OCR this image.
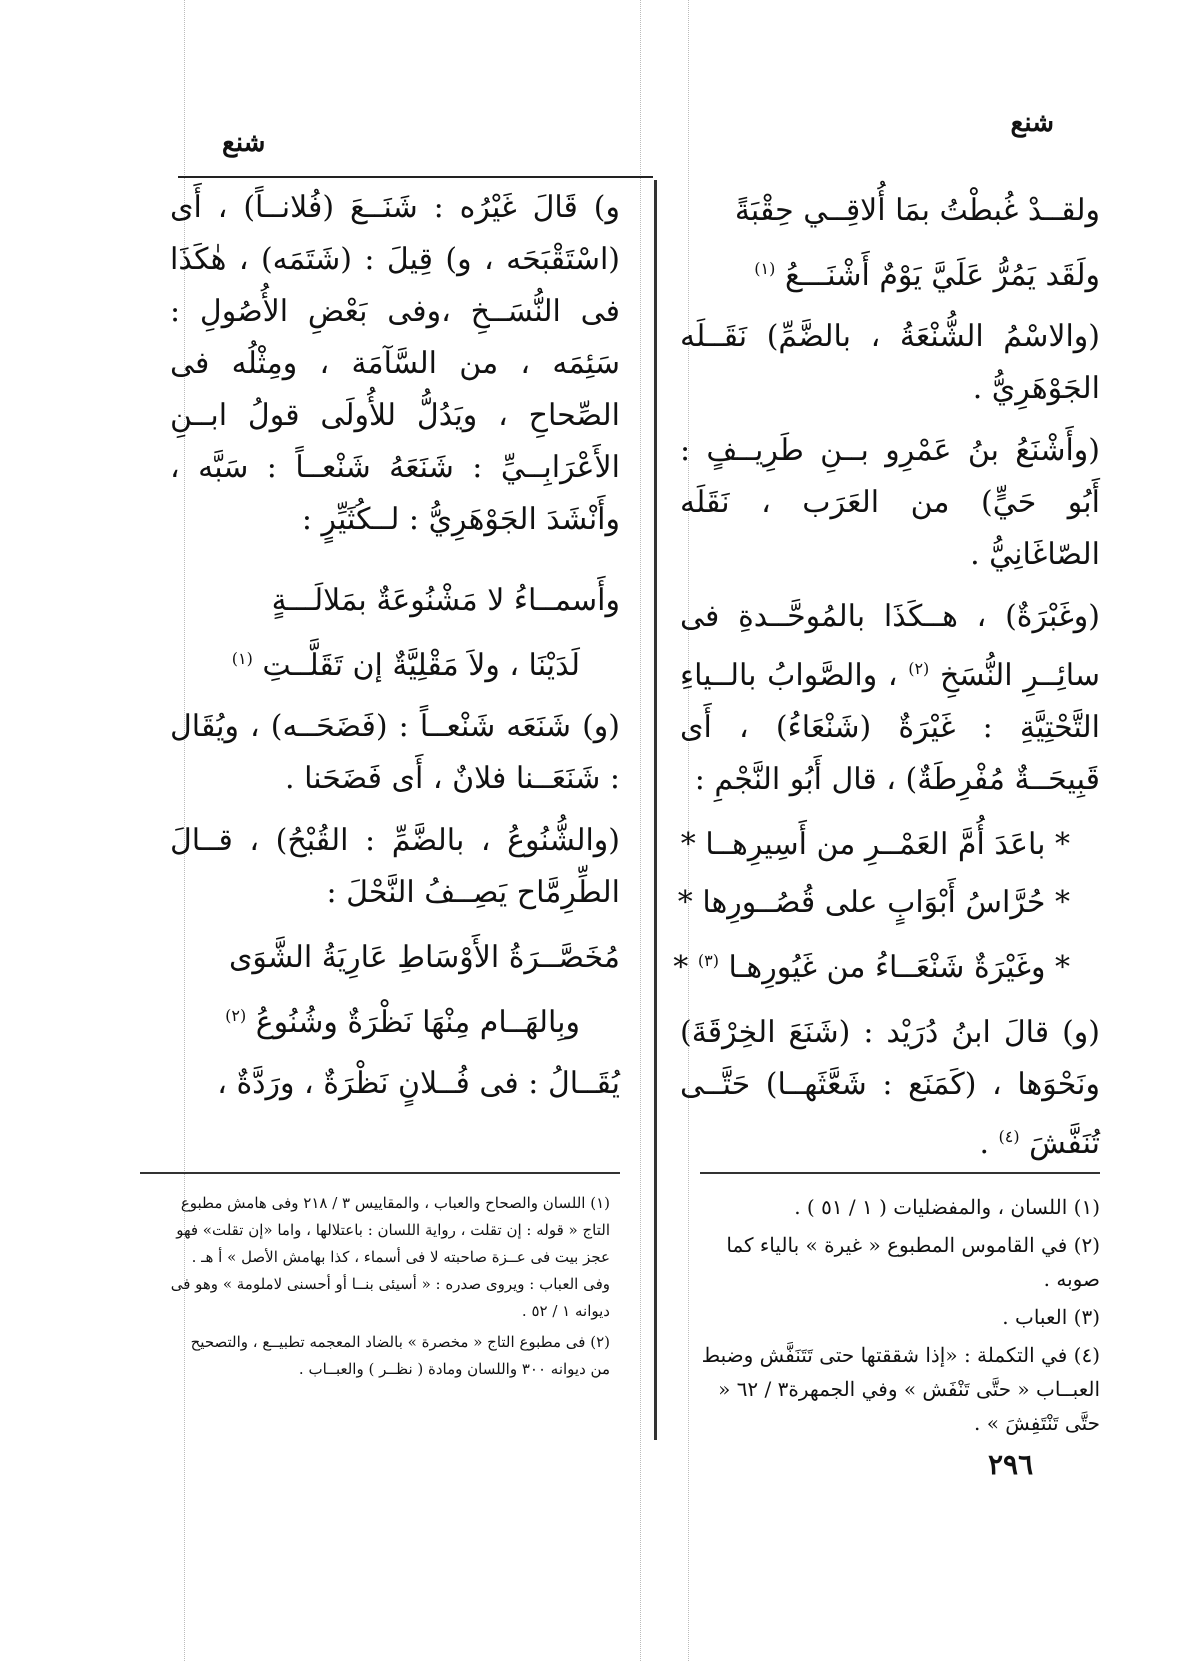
شنع
شنع
ولقــدْ غُبطْتُ بمَا أُلاقِــي حِقْبَةً
ولَقَد يَمُرُّ عَلَيَّ يَوْمٌ أَشْنَـــعُ $^{(١)}$

(والاسْمُ الشُّنْعَةُ ، بالضَّمِّ) نَقَــلَه الجَوْهَرِيُّ .

(وأَشْنَعُ بنُ عَمْرِو بــنِ طَرِيــفٍ : أَبُو حَيٍّ) من العَرَب ، نَقَلَه الصّاغَانِيُّ .

(وغَبْرَةٌ) ، هــكَذَا بالمُوحَّــدةِ فى سائِــرِ النُّسَخِ $^{(٢)}$ ، والصَّوابُ بالــياءِ التَّحْتِيَّةِ : غَيْرَةٌ (شَنْعَاءُ) ، أَى قَبِيحَــةٌ مُفْرِطَةٌ) ، قال أَبُو النَّجْمِ :

* باعَدَ أُمَّ العَمْــرِ من أَسِيرِهــا *
* حُرَّاسُ أَبْوَابٍ على قُصُــورِها *
* وغَيْرَةٌ شَنْعَــاءُ من غَيُورِهـا $^{(٣)}$ *

(و) قالَ ابنُ دُرَيْد : (شَنَعَ الخِرْقَةَ) ونَحْوَها ، (كَمَنَع : شَعَّثَهــا) حَتَّــى تُنَفَّشَ $^{(٤)}$ .

و) قَالَ غَيْرُه : شَنَــعَ (فُلانــاً) ، أَى (اسْتَقْبَحَه ، و) قِيلَ : (شَتَمَه) ، هٰكَذَا فى النُّسَــخِ ،وفى بَعْضِ الأُصُولِ : سَئِمَه ، من السَّآمَة ، ومِثْلُه فى الصِّحاحِ ، ويَدُلُّ للأُولَى قولُ ابــنِ الأَعْرَابِــيِّ : شَنَعَهُ شَنْعــاً : سَبَّه ، وأَنْشَدَ الجَوْهَرِيُّ : لــكُثَيِّرٍ :

وأَسمــاءُ لا مَشْنُوعَةٌ بمَلالَـــةٍ
لَدَيْنَا ، ولاَ مَقْلِيَّةٌ إن تَقَلَّــتِ $^{(١)}$

(و) شَنَعَه شَنْعــاً : (فَضَحَــه) ، ويُقَال : شَنَعَــنا فلانٌ ، أَى فَضَحَنا .

(والشُّنُوعُ ، بالضَّمِّ : القُبْحُ) ، قــالَ الطِّرِمَّاح يَصِــفُ النَّحْلَ :

مُخَصَّــرَةُ الأَوْسَاطِ عَارِيَةُ الشَّوَى
وبِالهَــام مِنْهَا نَظْرَةٌ وشُنُوعُ $^{(٢)}$

يُقَــالُ : فى فُــلانٍ نَظْرَةٌ ، ورَدَّةٌ ،

(١) اللسان والصحاح والعباب ، والمقاييس ٣ / ٢١٨ وفى هامش مطبوع التاج « قوله : إن تقلت ، رواية اللسان : باعتلالها ، واما «إن تقلت» فهو عجز بيت فى عــزة صاحبته لا فى أسماء ، كذا بهامش الأصل » أ هـ . وفى العباب : ويروى صدره : « أسيئى بنــا أو أحسنى لاملومة » وهو فى ديوانه ١ / ٥٢ .
(٢) فى مطبوع التاج « مخصرة » بالضاد المعجمه تطبيــع ، والتصحيح من ديوانه ٣٠٠ واللسان ومادة ( نظــر ) والعبــاب .
(١) اللسان ، والمفضليات ( ١ / ٥١ ) .
(٢) في القاموس المطبوع « غيرة » بالياء كما صوبه .
(٣) العباب .
(٤) في التكملة : «إذا شققتها حتى تَتَنَفَّش وضبط العبــاب « حتَّى تَنْفَش » وفي الجمهرة٣ / ٦٢ « حتَّى تَنْتَفِشَ » .
٢٩٦
